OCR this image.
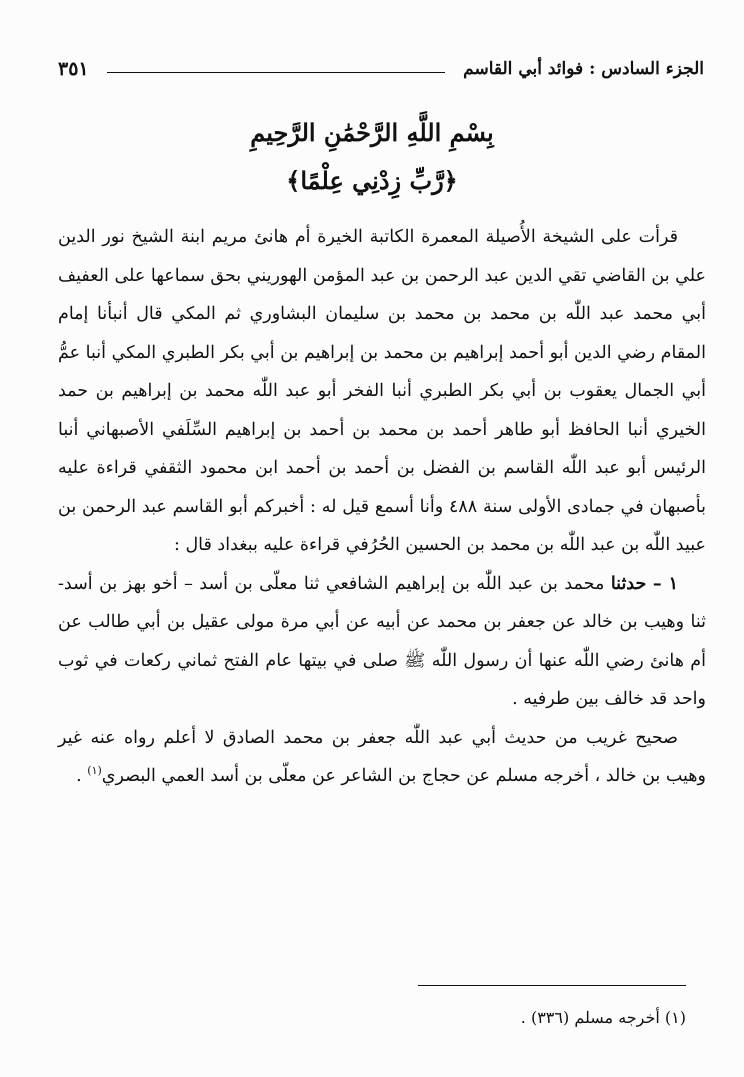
الجزء السادس : فوائد أبي القاسم
٣٥١
بِسْمِ اللَّهِ الرَّحْمَٰنِ الرَّحِيمِ
﴿رَّبِّ زِدْنِي عِلْمًا﴾

قرأت على الشيخة الأُصيلة المعمرة الكاتبة الخيرة أم هانئ مريم ابنة الشيخ نور الدين علي بن القاضي تقي الدين عبد الرحمن بن عبد المؤمن الهوريني بحق سماعها على العفيف أبي محمد عبد اللّٰه بن محمد بن محمد بن سليمان البشاوري ثم المكي قال أنبأنا إمام المقام رضي الدين أبو أحمد إبراهيم بن محمد بن إبراهيم بن أبي بكر الطبري المكي أنبا عمُّ أبي الجمال يعقوب بن أبي بكر الطبري أنبا الفخر أبو عبد اللّٰه محمد بن إبراهيم بن حمد الخيري أنبا الحافظ أبو طاهر أحمد بن محمد بن أحمد بن إبراهيم السِّلَفي الأصبهاني أنبا الرئيس أبو عبد اللّٰه القاسم بن الفضل بن أحمد بن أحمد ابن محمود الثقفي قراءة عليه بأصبهان في جمادى الأولى سنة ٤٨٨ وأنا أسمع قيل له : أخبركم أبو القاسم عبد الرحمن بن عبيد اللّٰه بن عبد اللّٰه بن محمد بن الحسين الحُرُفي قراءة عليه ببغداد قال :

١ – حدثنا محمد بن عبد اللّٰه بن إبراهيم الشافعي ثنا معلّى بن أسد – أخو بهز بن أسد- ثنا وهيب بن خالد عن جعفر بن محمد عن أبيه عن أبي مرة مولى عقيل بن أبي طالب عن أم هانئ رضي اللّٰه عنها أن رسول اللّٰه ﷺ صلى في بيتها عام الفتح ثماني ركعات في ثوب واحد قد خالف بين طرفيه .

صحيح غريب من حديث أبي عبد اللّٰه جعفر بن محمد الصادق لا أعلم رواه عنه غير وهيب بن خالد ، أخرجه مسلم عن حجاج بن الشاعر عن معلّى بن أسد العمي البصري$^{(١)}$ .

(١) أخرجه مسلم (٣٣٦) .
